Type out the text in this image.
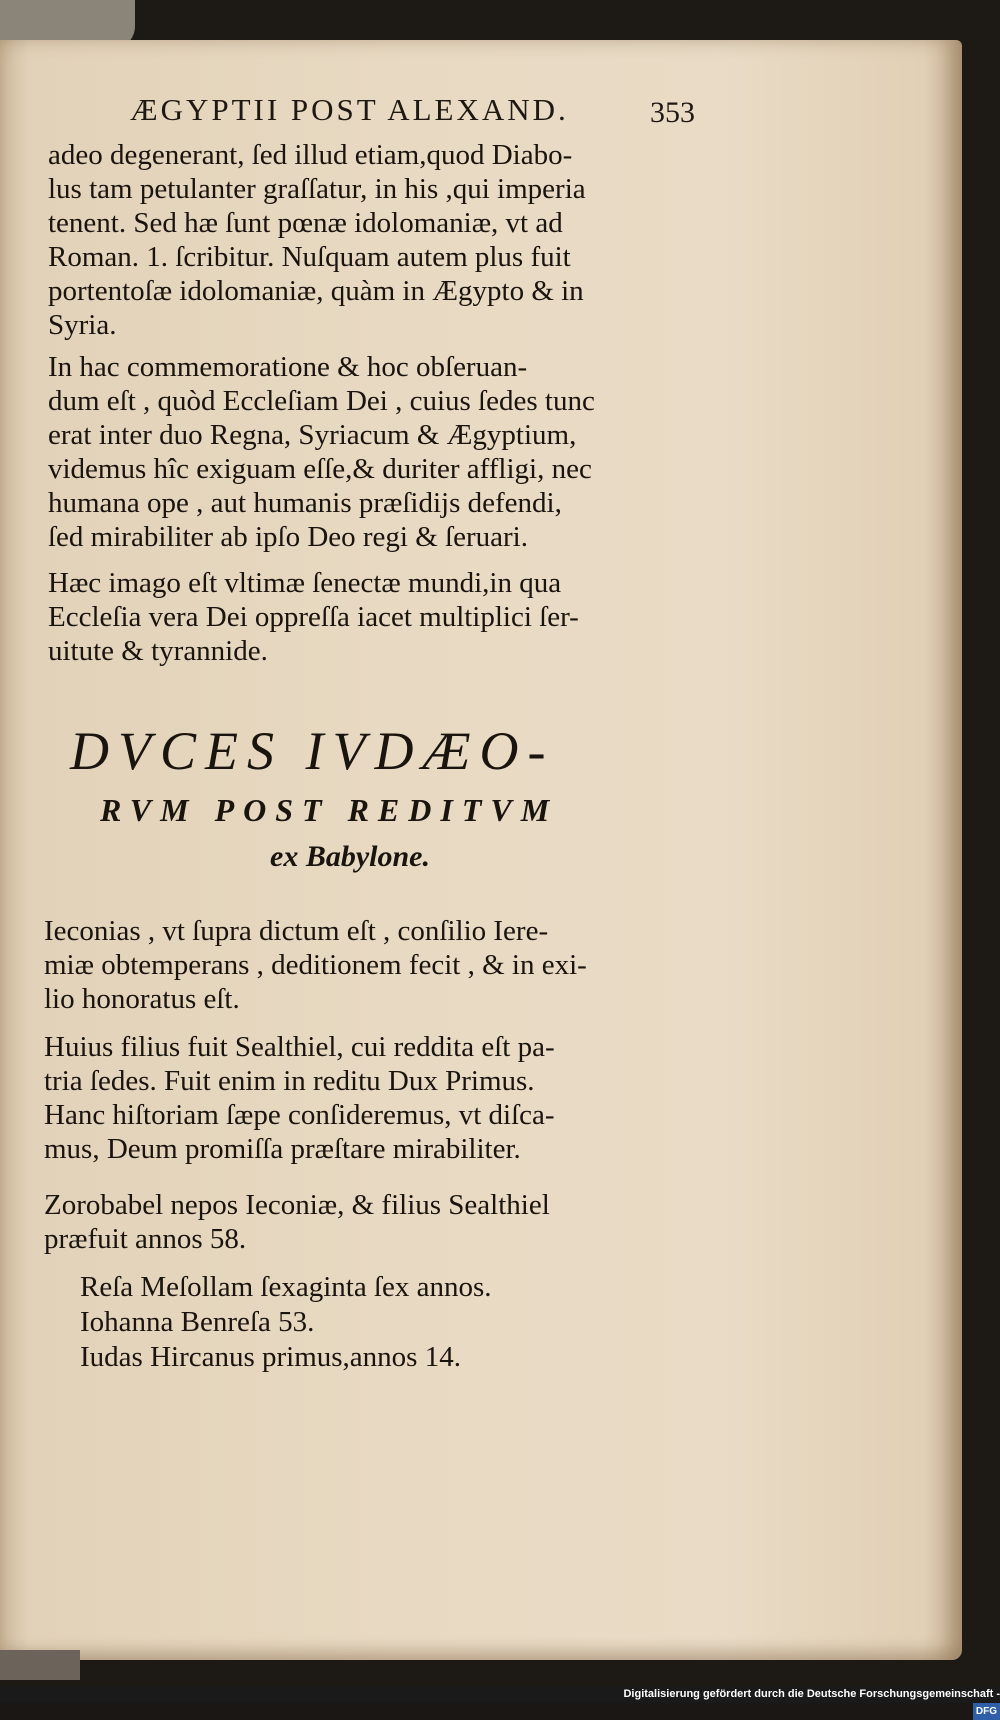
ÆGYPTII POST ALEXAND.	353
adeo degenerant, ſed illud etiam,quod Diabo-
lus tam petulanter graſſatur, in his ,qui imperia
tenent. Sed hæ ſunt pœnæ idolomaniæ, vt ad
Roman. 1. ſcribitur. Nuſquam autem plus fuit
portentoſæ idolomaniæ, quàm in Ægypto & in
Syria.
In hac commemoratione & hoc obſeruan-
dum eſt , quòd Eccleſiam Dei , cuius ſedes tunc
erat inter duo Regna, Syriacum & Ægyptium,
videmus hîc exiguam eſſe,& duriter affligi, nec
humana ope , aut humanis præſidijs defendi,
ſed mirabiliter ab ipſo Deo regi & ſeruari.
Hæc imago eſt vltimæ ſenectæ mundi,in qua
Eccleſia vera Dei oppreſſa iacet multiplici ſer-
uitute & tyrannide.
DVCES IVDÆO-
RVM POST REDITVM
ex Babylone.
Ieconias , vt ſupra dictum eſt , conſilio Iere-
miæ obtemperans , deditionem fecit , & in exi-
lio honoratus eſt.
Huius filius fuit Sealthiel, cui reddita eſt pa-
tria ſedes. Fuit enim in reditu Dux Primus.
Hanc hiſtoriam ſæpe conſideremus, vt diſca-
mus, Deum promiſſa præſtare mirabiliter.
Zorobabel nepos Ieconiæ, & filius Sealthiel
præfuit annos 58.
Reſa Meſollam ſexaginta ſex annos.
Iohanna Benreſa 53.
Iudas Hircanus primus,annos 14.
Digitalisierung gefördert durch die Deutsche Forschungsgemeinschaft -DFG
